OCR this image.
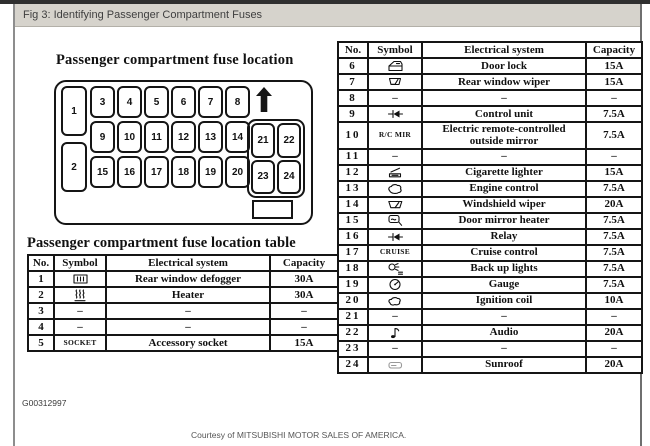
Fig 3: Identifying Passenger Compartment Fuses
Passenger compartment fuse location
1
2
3	4	5	6	7	8
9	10	11	12	13	14
15	16	17	18	19	20
21	22
23	24
Passenger compartment fuse location table
No.	Symbol	Electrical system	Capacity
1		Rear window defogger	30A
2		Heater	30A
3	–	–	–
4	–	–	–
5	SOCKET	Accessory socket	15A
No.	Symbol	Electrical system	Capacity
6		Door lock	15A
7		Rear window wiper	15A
8	–	–	–
9		Control unit	7.5A
10	R/C MIR	Electric remote-controlled outside mirror	7.5A
11	–	–	–
12		Cigarette lighter	15A
13		Engine control	7.5A
14		Windshield wiper	20A
15		Door mirror heater	7.5A
16		Relay	7.5A
17	CRUISE	Cruise control	7.5A
18		Back up lights	7.5A
19		Gauge	7.5A
20		Ignition coil	10A
21	–	–	–
22		Audio	20A
23	–	–	–
24		Sunroof	20A
G00312997
Courtesy of MITSUBISHI MOTOR SALES OF AMERICA.
